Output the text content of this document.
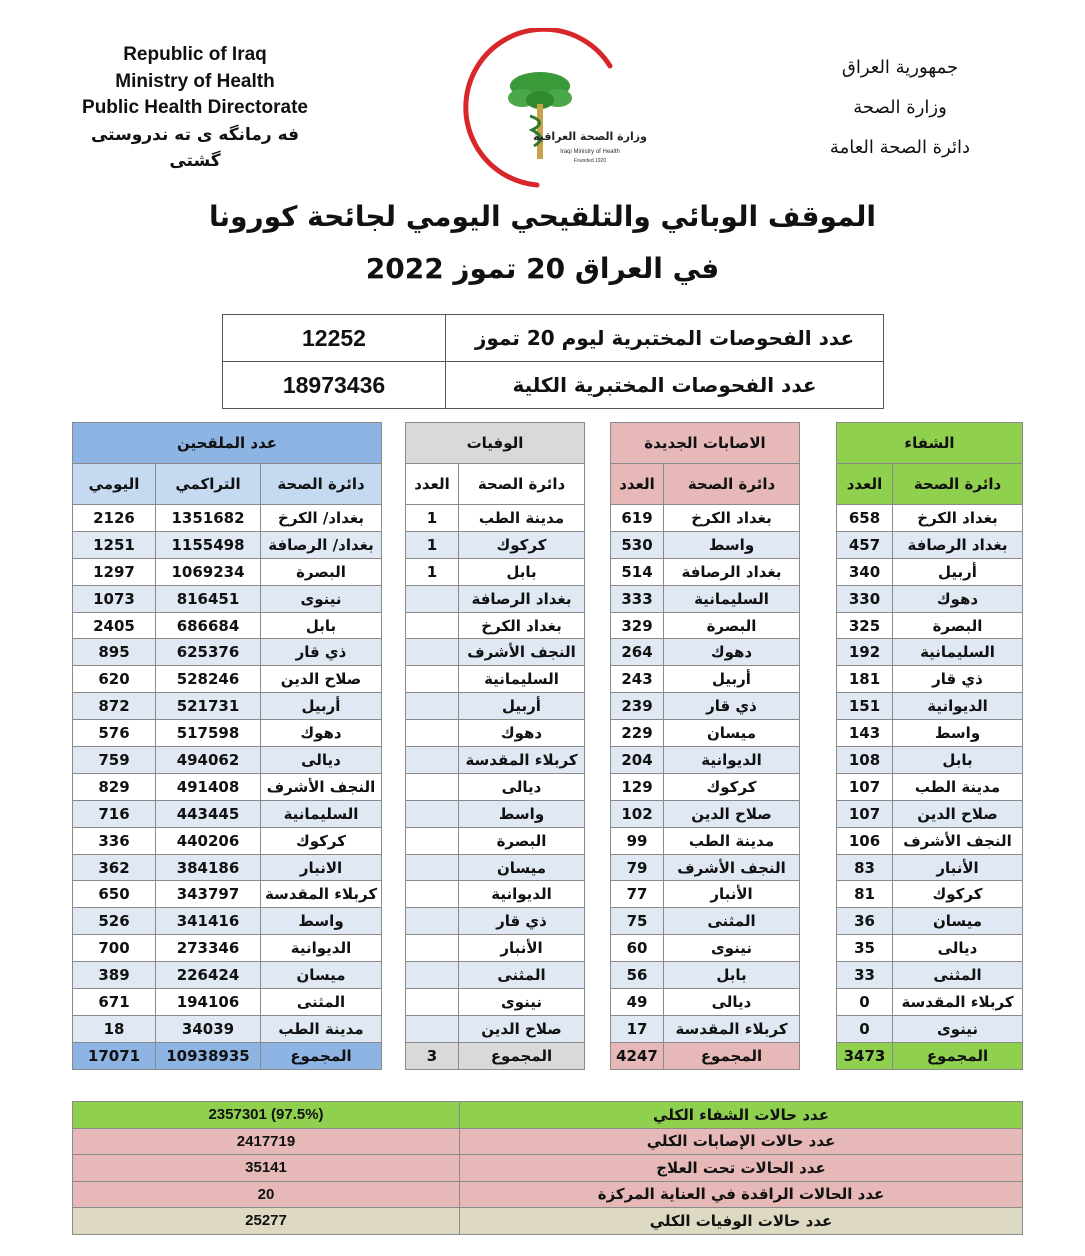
Republic of Iraq
Ministry of Health
Public Health Directorate
فه رمانگه ی ته ندروستی گشتی
وزارة الصحة العراقية
Iraqi Ministry of Health
Founded 1920
جمهورية العراق
وزارة الصحة
دائرة الصحة العامة
الموقف الوبائي والتلقيحي اليومي لجائحة كورونا
في العراق 20 تموز 2022
12252	عدد الفحوصات المختبرية ليوم 20 تموز
18973436	عدد الفحوصات المختبرية الكلية
عدد الملقحين		
اليومي	التراكمي	دائرة الصحة
2126	1351682	بغداد/ الكرخ
1251	1155498	بغداد/ الرصافة
1297	1069234	البصرة
1073	816451	نينوى
2405	686684	بابل
895	625376	ذي قار
620	528246	صلاح الدين
872	521731	أربيل
576	517598	دهوك
759	494062	ديالى
829	491408	النجف الأشرف
716	443445	السليمانية
336	440206	كركوك
362	384186	الانبار
650	343797	كربلاء المقدسة
526	341416	واسط
700	273346	الديوانية
389	226424	ميسان
671	194106	المثنى
18	34039	مدينة الطب
17071	10938935	المجموع
الوفيات	
العدد	دائرة الصحة
1	مدينة الطب
1	كركوك
1	بابل
	بغداد الرصافة
	بغداد الكرخ
	النجف الأشرف
	السليمانية
	أربيل
	دهوك
	كربلاء المقدسة
	ديالى
	واسط
	البصرة
	ميسان
	الديوانية
	ذي قار
	الأنبار
	المثنى
	نينوى
	صلاح الدين
3	المجموع
الاصابات الجديدة	
العدد	دائرة الصحة
619	بغداد الكرخ
530	واسط
514	بغداد الرصافة
333	السليمانية
329	البصرة
264	دهوك
243	أربيل
239	ذي قار
229	ميسان
204	الديوانية
129	كركوك
102	صلاح الدين
99	مدينة الطب
79	النجف الأشرف
77	الأنبار
75	المثنى
60	نينوى
56	بابل
49	ديالى
17	كربلاء المقدسة
4247	المجموع
الشفاء	
العدد	دائرة الصحة
658	بغداد الكرخ
457	بغداد الرصافة
340	أربيل
330	دهوك
325	البصرة
192	السليمانية
181	ذي قار
151	الديوانية
143	واسط
108	بابل
107	مدينة الطب
107	صلاح الدين
106	النجف الأشرف
83	الأنبار
81	كركوك
36	ميسان
35	ديالى
33	المثنى
0	كربلاء المقدسة
0	نينوى
3473	المجموع
2357301 (97.5%)	عدد حالات الشفاء الكلي
2417719	عدد حالات الإصابات الكلي
35141	عدد الحالات تحت العلاج
20	عدد الحالات الراقدة في العناية المركزة
25277	عدد حالات الوفيات الكلي
